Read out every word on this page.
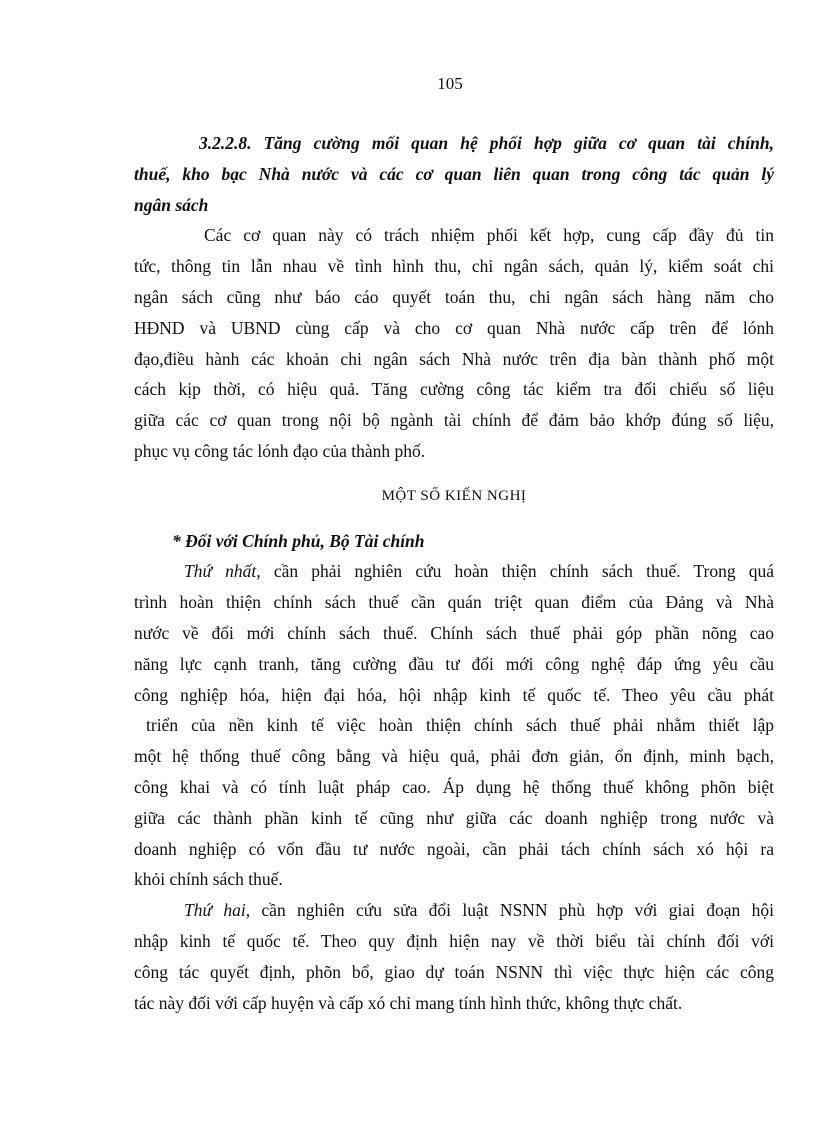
105
3.2.2.8. Tăng cường mối quan hệ phối hợp giữa cơ quan tài chính,
thuế, kho bạc Nhà nước và các cơ quan liên quan trong công tác quản lý
ngân sách
Các cơ quan này có trách nhiệm phối kết hợp, cung cấp đầy đủ tin
tức, thông tin lẫn nhau về tình hình thu, chi ngân sách, quản lý, kiểm soát chi
ngân sách cũng như báo cáo quyết toán thu, chi ngân sách hàng năm cho
HĐND và UBND cùng cấp và cho cơ quan Nhà nước cấp trên để lónh
đạo,điều hành các khoản chi ngân sách Nhà nước trên địa bàn thành phố một
cách kịp thời, có hiệu quả. Tăng cường công tác kiểm tra đối chiếu số liệu
giữa các cơ quan trong nội bộ ngành tài chính để đảm bảo khớp đúng số liệu,
phục vụ công tác lónh đạo của thành phố.
MỘT SỐ KIẾN NGHỊ
* Đối với Chính phủ, Bộ Tài chính
Thứ nhất, cần phải nghiên cứu hoàn thiện chính sách thuế. Trong quá
trình hoàn thiện chính sách thuế cần quán triệt quan điểm của Đảng và Nhà
nước về đổi mới chính sách thuế. Chính sách thuế phải góp phần nõng cao
năng lực cạnh tranh, tăng cường đầu tư đổi mới công nghệ đáp ứng yêu cầu
công nghiệp hóa, hiện đại hóa, hội nhập kinh tế quốc tế. Theo yêu cầu phát
triển của nền kinh tế việc hoàn thiện chính sách thuế phải nhằm thiết lập
một hệ thống thuế công bằng và hiệu quả, phải đơn giản, ổn định, minh bạch,
công khai và có tính luật pháp cao. Áp dụng hệ thống thuế không phõn biệt
giữa các thành phần kinh tế cũng như giữa các doanh nghiệp trong nước và
doanh nghiệp có vốn đầu tư nước ngoài, cần phải tách chính sách xó hội ra
khỏi chính sách thuế.
Thứ hai, cần nghiên cứu sửa đổi luật NSNN phù hợp với giai đoạn hội
nhập kinh tế quốc tế. Theo quy định hiện nay về thời biểu tài chính đối với
công tác quyết định, phõn bổ, giao dự toán NSNN thì việc thực hiện các công
tác này đối với cấp huyện và cấp xó chỉ mang tính hình thức, không thực chất.
